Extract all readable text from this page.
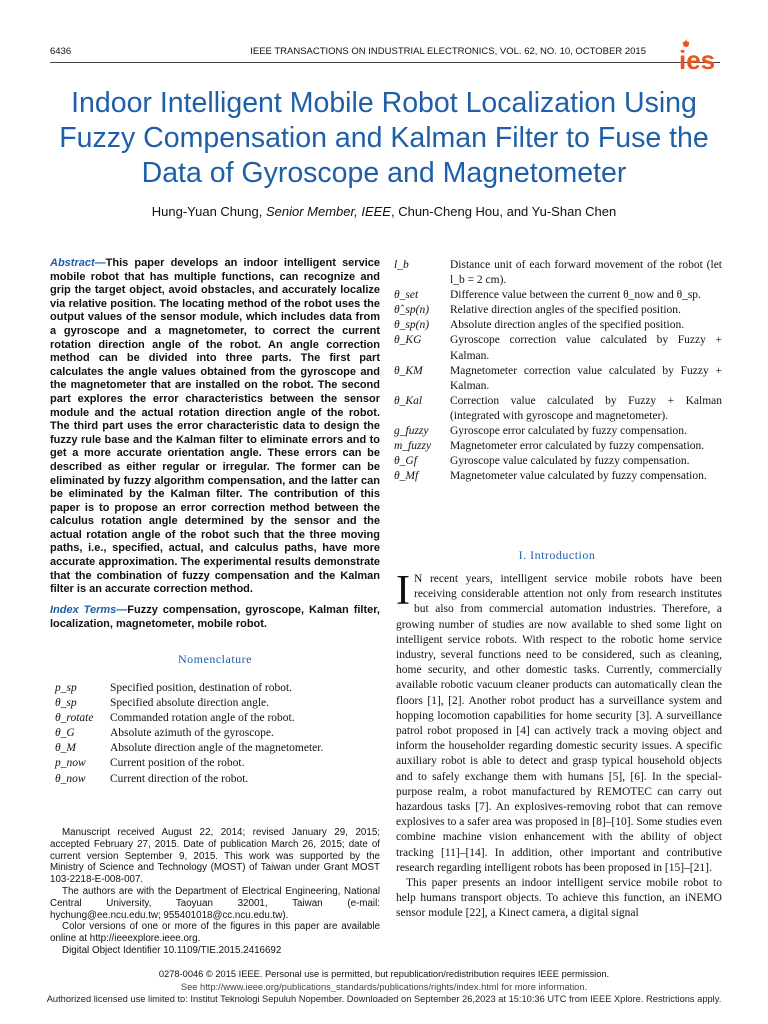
6436	IEEE TRANSACTIONS ON INDUSTRIAL ELECTRONICS, VOL. 62, NO. 10, OCTOBER 2015 ies
Indoor Intelligent Mobile Robot Localization Using Fuzzy Compensation and Kalman Filter to Fuse the Data of Gyroscope and Magnetometer
Hung-Yuan Chung, Senior Member, IEEE, Chun-Cheng Hou, and Yu-Shan Chen
Abstract—This paper develops an indoor intelligent service mobile robot that has multiple functions, can recognize and grip the target object, avoid obstacles, and accurately localize via relative position. The locating method of the robot uses the output values of the sensor module, which includes data from a gyroscope and a magnetometer, to correct the current rotation direction angle of the robot. An angle correction method can be divided into three parts. The first part calculates the angle values obtained from the gyroscope and the magnetometer that are installed on the robot. The second part explores the error characteristics between the sensor module and the actual rotation direction angle of the robot. The third part uses the error characteristic data to design the fuzzy rule base and the Kalman filter to eliminate errors and to get a more accurate orientation angle. These errors can be described as either regular or irregular. The former can be eliminated by fuzzy algorithm compensation, and the latter can be eliminated by the Kalman filter. The contribution of this paper is to propose an error correction method between the calculus rotation angle determined by the sensor and the actual rotation angle of the robot such that the three moving paths, i.e., specified, actual, and calculus paths, have more accurate approximation. The experimental results demonstrate that the combination of fuzzy compensation and the Kalman filter is an accurate correction method.
Index Terms—Fuzzy compensation, gyroscope, Kalman filter, localization, magnetometer, mobile robot.
Nomenclature
p_sp	Specified position, destination of robot.
θ_sp	Specified absolute direction angle.
θ_rotate	Commanded rotation angle of the robot.
θ_G	Absolute azimuth of the gyroscope.
θ_M	Absolute direction angle of the magnetometer.
p_now	Current position of the robot.
θ_now	Current direction of the robot.
l_b	Distance unit of each forward movement of the robot (let l_b = 2 cm).
θ_set	Difference value between the current θ_now and θ_sp.
θ̂_sp(n)	Relative direction angles of the specified position.
θ_sp(n)	Absolute direction angles of the specified position.
θ_KG	Gyroscope correction value calculated by Fuzzy + Kalman.
θ_KM	Magnetometer correction value calculated by Fuzzy + Kalman.
θ_Kal	Correction value calculated by Fuzzy + Kalman (integrated with gyroscope and magnetometer).
g_fuzzy	Gyroscope error calculated by fuzzy compensation.
m_fuzzy	Magnetometer error calculated by fuzzy compensation.
θ_Gf	Gyroscope value calculated by fuzzy compensation.
θ_Mf	Magnetometer value calculated by fuzzy compensation.
I. Introduction

I N recent years, intelligent service mobile robots have been receiving considerable attention not only from research institutes but also from commercial automation industries. Therefore, a growing number of studies are now available to shed some light on intelligent service robots. With respect to the robotic home service industry, several functions need to be considered, such as cleaning, home security, and other domestic tasks. Currently, commercially available robotic vacuum cleaner products can automatically clean the floors [1], [2]. Another robot product has a surveillance system and hopping locomotion capabilities for home security [3]. A surveillance patrol robot proposed in [4] can actively track a moving object and inform the householder regarding domestic security issues. A specific auxiliary robot is able to detect and grasp typical household objects and to safely exchange them with humans [5], [6]. In the special-purpose realm, a robot manufactured by REMOTEC can carry out hazardous tasks [7]. An explosives-removing robot that can remove explosives to a safer area was proposed in [8]–[10]. Some studies even combine machine vision enhancement with the ability of object tracking [11]–[14]. In addition, other important and contributive research regarding intelligent robots has been proposed in [15]–[21].

This paper presents an indoor intelligent service mobile robot to help humans transport objects. To achieve this function, an iNEMO sensor module [22], a Kinect camera, a digital signal

Manuscript received August 22, 2014; revised January 29, 2015; accepted February 27, 2015. Date of publication March 26, 2015; date of current version September 9, 2015. This work was supported by the Ministry of Science and Technology (MOST) of Taiwan under Grant MOST 103-2218-E-008-007.

The authors are with the Department of Electrical Engineering, National Central University, Taoyuan 32001, Taiwan (e-mail: hychung@ee.ncu.edu.tw; 955401018@cc.ncu.edu.tw).

Color versions of one or more of the figures in this paper are available online at http://ieeexplore.ieee.org.

Digital Object Identifier 10.1109/TIE.2015.2416692

0278-0046 © 2015 IEEE. Personal use is permitted, but republication/redistribution requires IEEE permission.
See http://www.ieee.org/publications_standards/publications/rights/index.html for more information.
Authorized licensed use limited to: Institut Teknologi Sepuluh Nopember. Downloaded on September 26,2023 at 15:10:36 UTC from IEEE Xplore. Restrictions apply.
